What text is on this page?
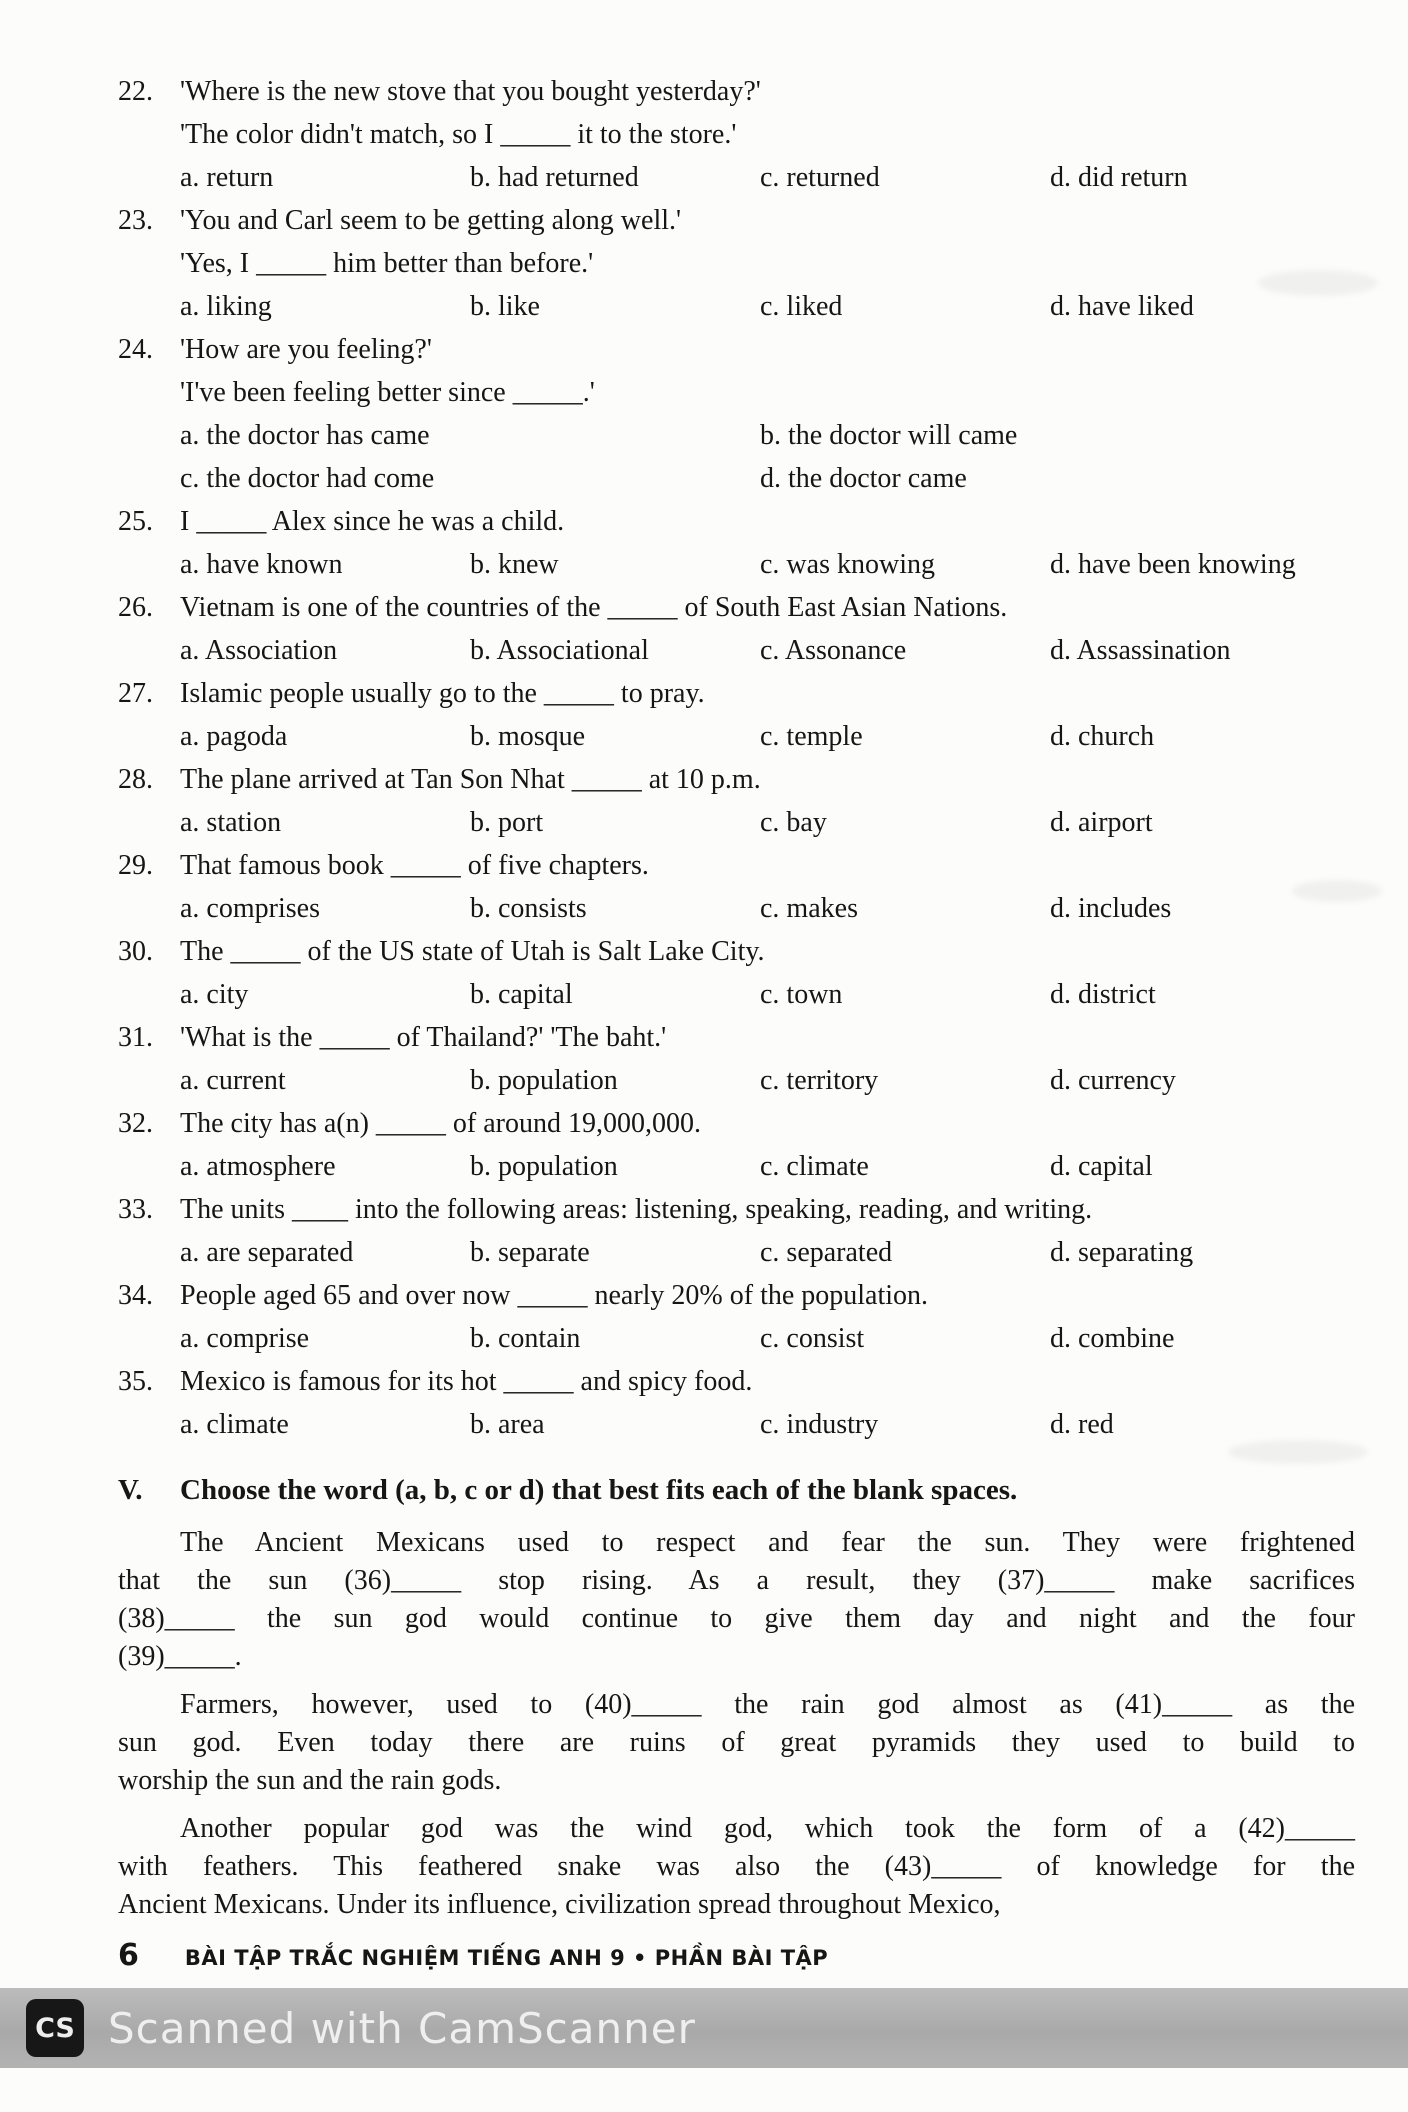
22. 'Where is the new stove that you bought yesterday?'
'The color didn't match, so I _____ it to the store.'
a. return	b. had returned	c. returned	d. did return
23. 'You and Carl seem to be getting along well.'
'Yes, I _____ him better than before.'
a. liking	b. like	c. liked	d. have liked
24. 'How are you feeling?'
'I've been feeling better since _____.'
a. the doctor has came	b. the doctor will came
c. the doctor had come	d. the doctor came
25. I _____ Alex since he was a child.
a. have known	b. knew	c. was knowing	d. have been knowing
26. Vietnam is one of the countries of the _____ of South East Asian Nations.
a. Association	b. Associational	c. Assonance	d. Assassination
27. Islamic people usually go to the _____ to pray.
a. pagoda	b. mosque	c. temple	d. church
28. The plane arrived at Tan Son Nhat _____ at 10 p.m.
a. station	b. port	c. bay	d. airport
29. That famous book _____ of five chapters.
a. comprises	b. consists	c. makes	d. includes
30. The _____ of the US state of Utah is Salt Lake City.
a. city	b. capital	c. town	d. district
31. 'What is the _____ of Thailand?' 'The baht.'
a. current	b. population	c. territory	d. currency
32. The city has a(n) _____ of around 19,000,000.
a. atmosphere	b. population	c. climate	d. capital
33. The units ____ into the following areas: listening, speaking, reading, and writing.
a. are separated	b. separate	c. separated	d. separating
34. People aged 65 and over now _____ nearly 20% of the population.
a. comprise	b. contain	c. consist	d. combine
35. Mexico is famous for its hot _____ and spicy food.
a. climate	b. area	c. industry	d. red
V.	Choose the word (a, b, c or d) that best fits each of the blank spaces.
The Ancient Mexicans used to respect and fear the sun. They were frightened
that the sun (36)_____ stop rising. As a result, they (37)_____ make sacrifices
(38)_____ the sun god would continue to give them day and night and the four
(39)_____.
Farmers, however, used to (40)_____ the rain god almost as (41)_____ as the
sun god. Even today there are ruins of great pyramids they used to build to
worship the sun and the rain gods.
Another popular god was the wind god, which took the form of a (42)_____
with feathers. This feathered snake was also the (43)_____ of knowledge for the
Ancient Mexicans. Under its influence, civilization spread throughout Mexico,
6 BÀI TẬP TRẮC NGHIỆM TIẾNG ANH 9 • PHẦN BÀI TẬP
CS Scanned with CamScanner
